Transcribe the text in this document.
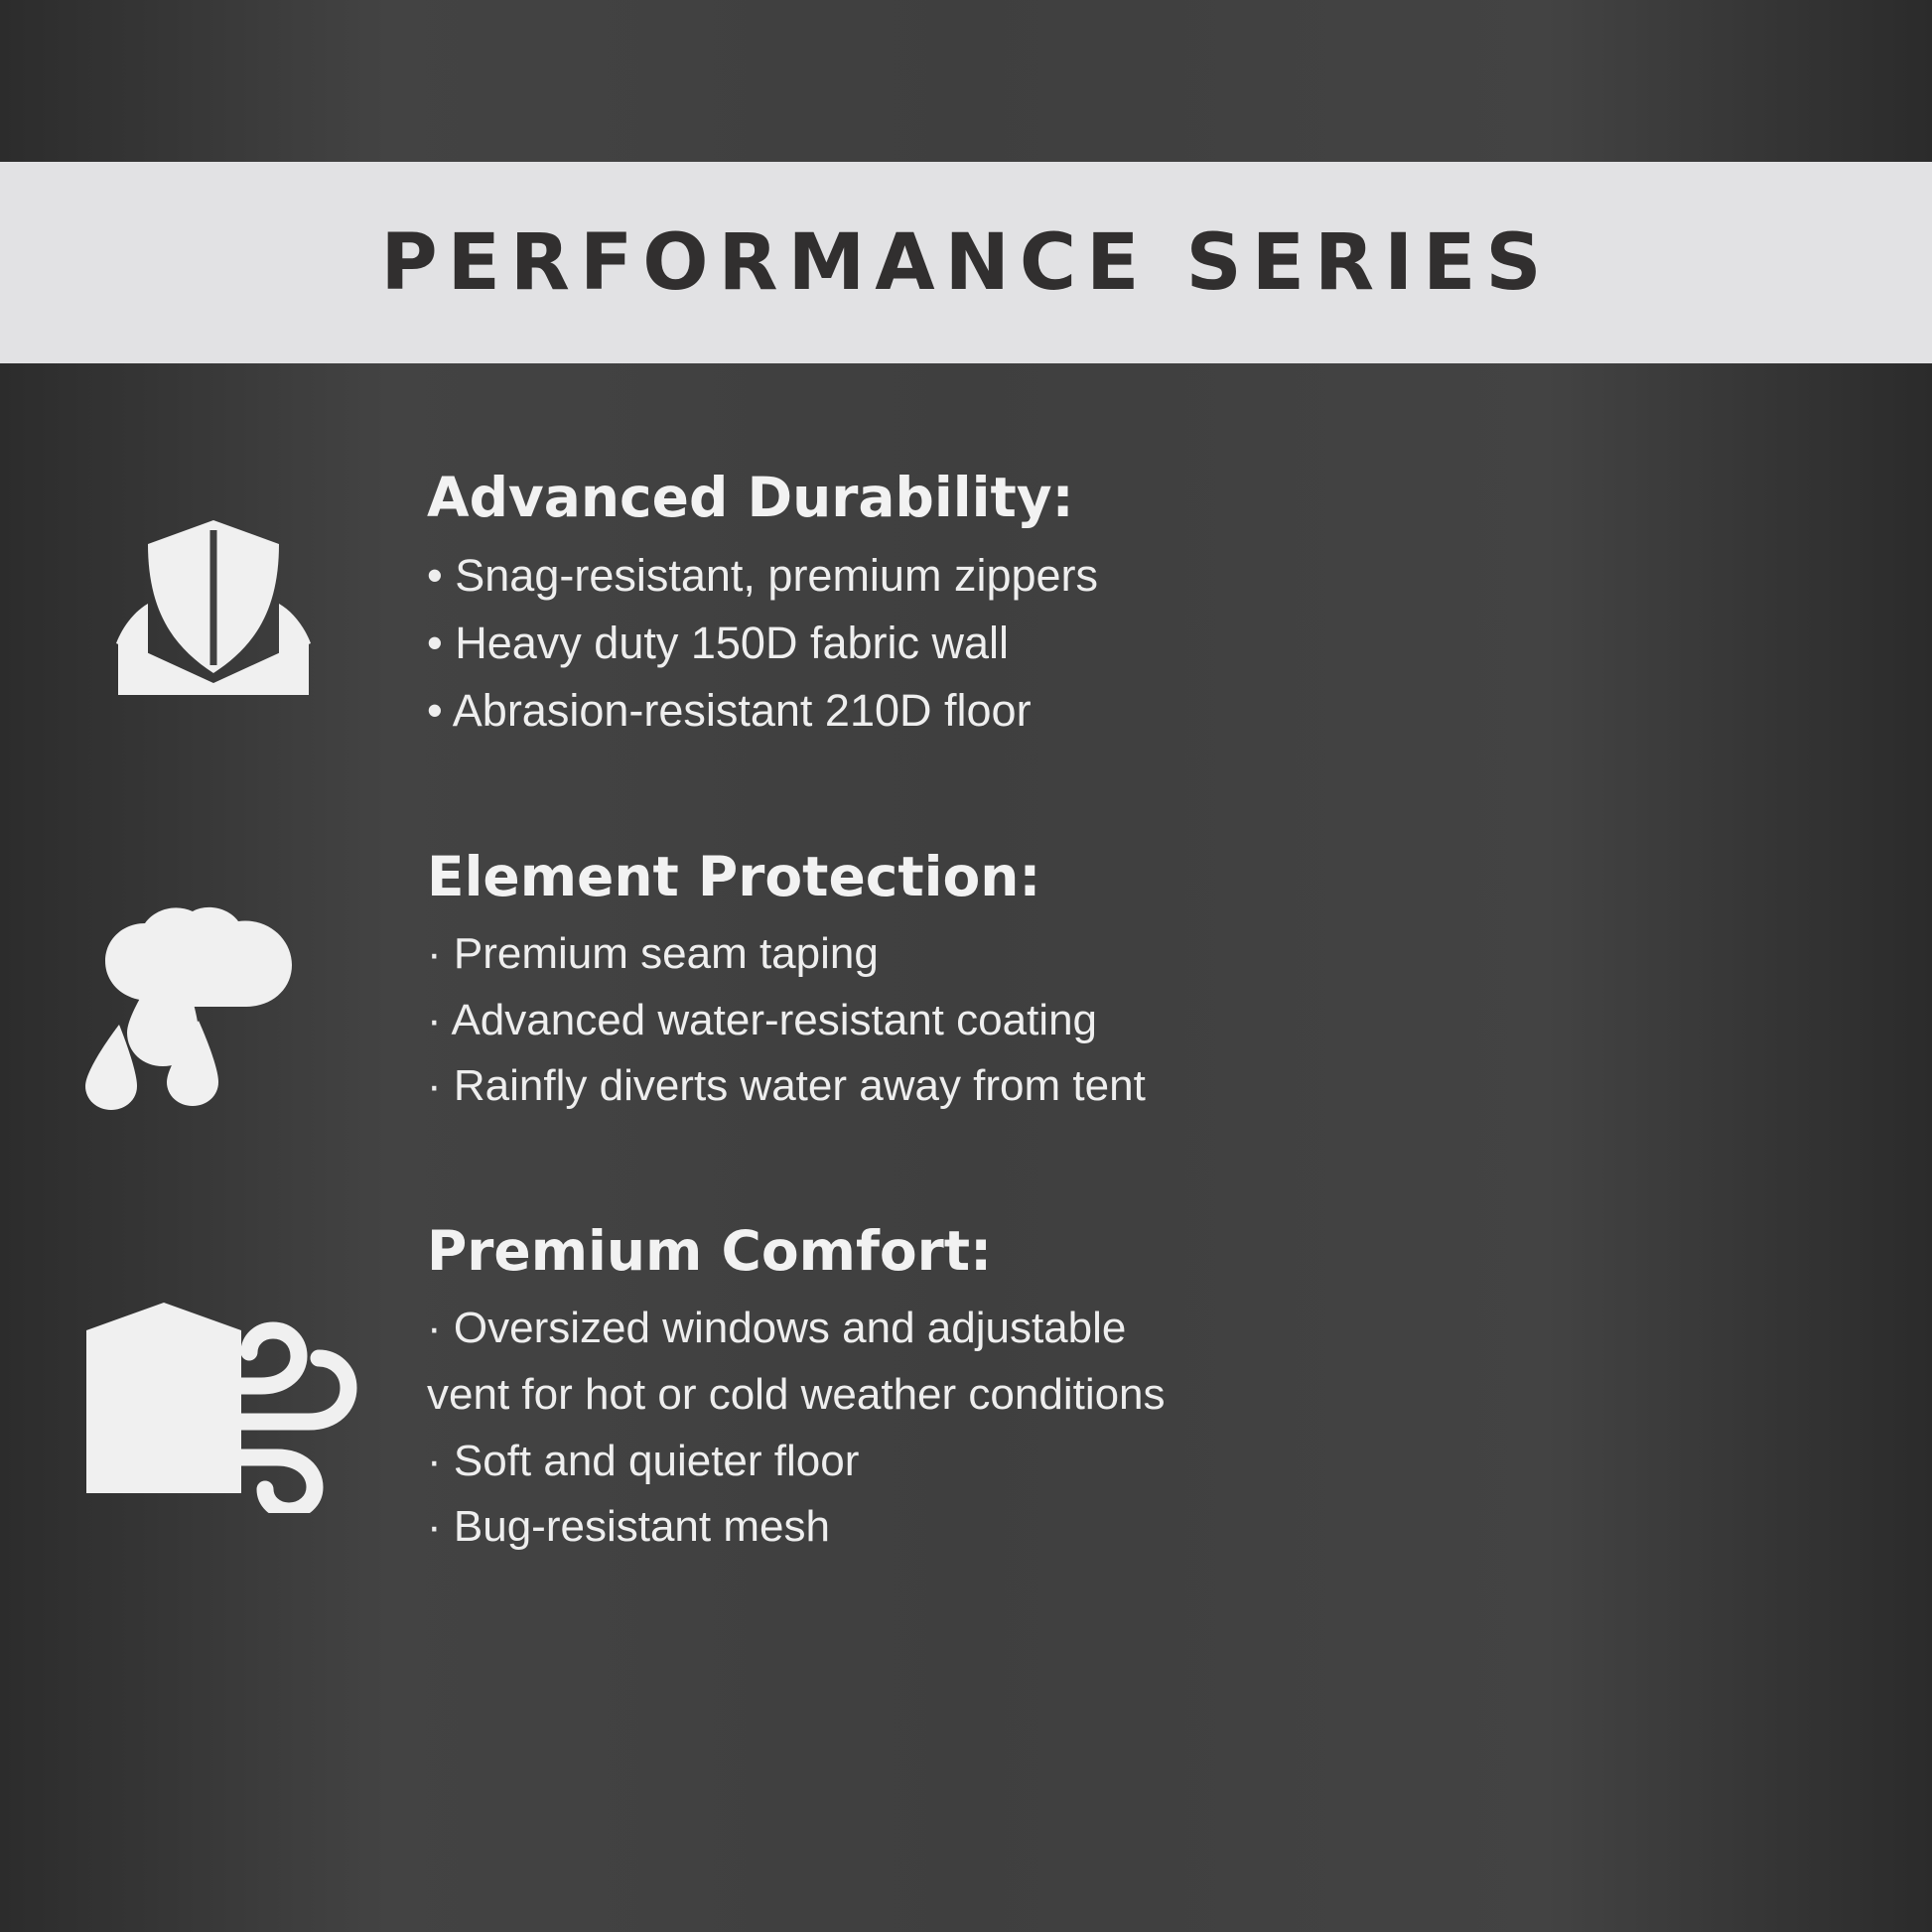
PERFORMANCE SERIES
Advanced Durability:

• Snag-resistant, premium zippers

• Heavy duty 150D fabric wall

• Abrasion-resistant 210D floor

Element Protection:

· Premium seam taping

· Advanced water-resistant coating

· Rainfly diverts water away from tent

Premium Comfort:

· Oversized windows and adjustable

vent for hot or cold weather conditions

· Soft and quieter floor

· Bug-resistant mesh
